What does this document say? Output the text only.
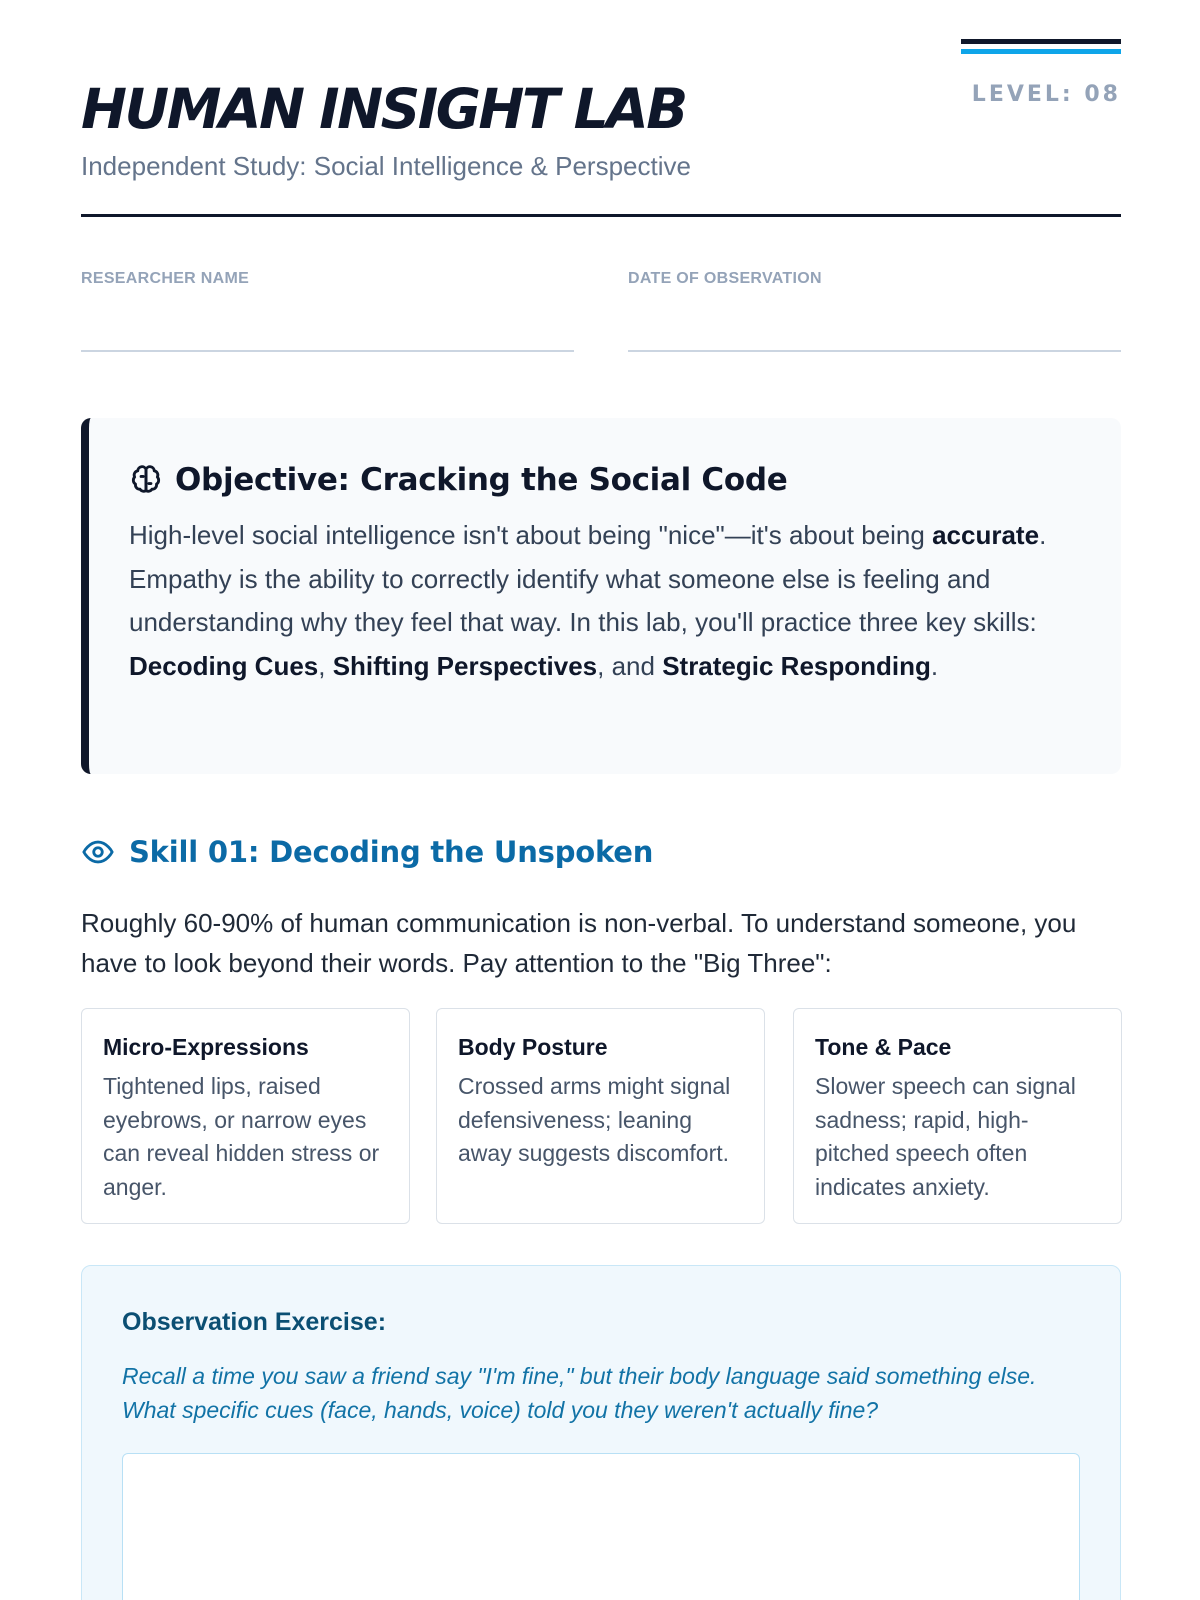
HUMAN INSIGHT LAB
Independent Study: Social Intelligence & Perspective
LEVEL: 08
RESEARCHER NAME	DATE OF OBSERVATION
Objective: Cracking the Social Code

High-level social intelligence isn't about being "nice"—it's about being accurate. Empathy is the ability to correctly identify what someone else is feeling and understanding why they feel that way. In this lab, you'll practice three key skills: Decoding Cues, Shifting Perspectives, and Strategic Responding.

Skill 01: Decoding the Unspoken

Roughly 60-90% of human communication is non-verbal. To understand someone, you have to look beyond their words. Pay attention to the "Big Three":

Micro-Expressions
Tightened lips, raised eyebrows, or narrow eyes can reveal hidden stress or anger.
Body Posture
Crossed arms might signal defensiveness; leaning away suggests discomfort.
Tone & Pace
Slower speech can signal sadness; rapid, high-pitched speech often indicates anxiety.
Observation Exercise:

Recall a time you saw a friend say "I'm fine," but their body language said something else. What specific cues (face, hands, voice) told you they weren't actually fine?
